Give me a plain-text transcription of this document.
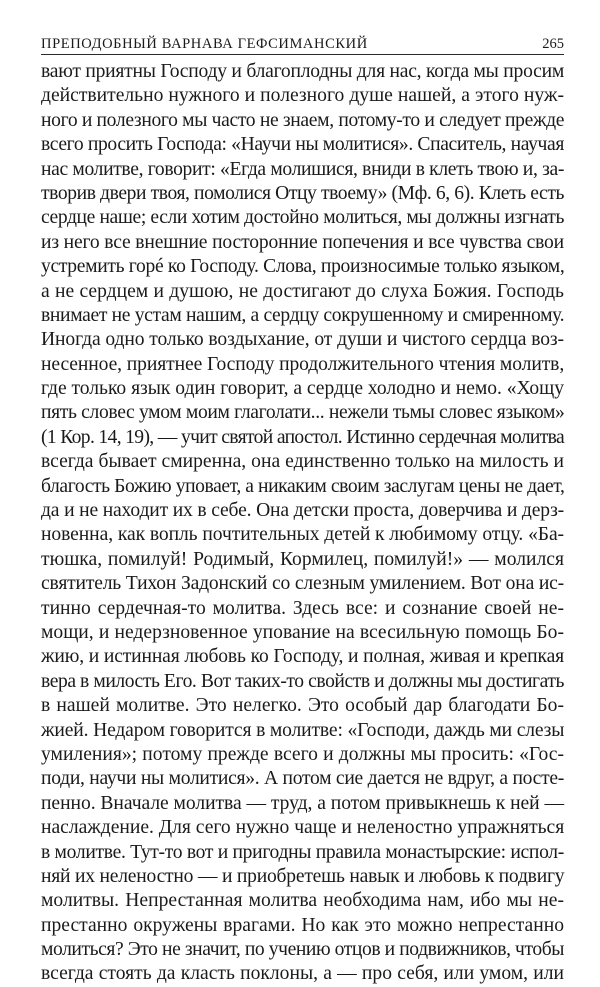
ПРЕПОДОБНЫЙ ВАРНАВА ГЕФСИМАНСКИЙ	265
вают приятны Господу и благоплодны для нас, когда мы просим
действительно нужного и полезного душе нашей, а этого нуж-
ного и полезного мы часто не знаем, потому-то и следует прежде
всего просить Господа: «Научи ны молитися». Спаситель, научая
нас молитве, говорит: «Егда молишися, вниди в клеть твою и, за-
творив двери твоя, помолися Отцу твоему» (Мф. 6, 6). Клеть есть
сердце наше; если хотим достойно молиться, мы должны изгнать
из него все внешние посторонние попечения и все чувства свои
устремить горé ко Господу. Слова, произносимые только языком,
а не сердцем и душою, не достигают до слуха Божия. Господь
внимает не устам нашим, а сердцу сокрушенному и смиренному.
Иногда одно только воздыхание, от души и чистого сердца воз-
несенное, приятнее Господу продолжительного чтения молитв,
где только язык один говорит, а сердце холодно и немо. «Хощу
пять словес умом моим глаголати... нежели тьмы словес языком»
(1 Кор. 14, 19), — учит святой апостол. Истинно сердечная молитва
всегда бывает смиренна, она единственно только на милость и
благость Божию уповает, а никаким своим заслугам цены не дает,
да и не находит их в себе. Она детски проста, доверчива и дерз-
новенна, как вопль почтительных детей к любимому отцу. «Ба-
тюшка, помилуй! Родимый, Кормилец, помилуй!» — молился
святитель Тихон Задонский со слезным умилением. Вот она ис-
тинно сердечная-то молитва. Здесь все: и сознание своей не-
мощи, и недерзновенное упование на всесильную помощь Бо-
жию, и истинная любовь ко Господу, и полная, живая и крепкая
вера в милость Его. Вот таких-то свойств и должны мы достигать
в нашей молитве. Это нелегко. Это особый дар благодати Бо-
жией. Недаром говорится в молитве: «Господи, даждь ми слезы
умиления»; потому прежде всего и должны мы просить: «Гос-
поди, научи ны молитися». А потом сие дается не вдруг, а посте-
пенно. Вначале молитва — труд, а потом привыкнешь к ней —
наслаждение. Для сего нужно чаще и неленостно упражняться
в молитве. Тут-то вот и пригодны правила монастырские: испол-
няй их неленостно — и приобретешь навык и любовь к подвигу
молитвы. Непрестанная молитва необходима нам, ибо мы не-
престанно окружены врагами. Но как это можно непрестанно
молиться? Это не значит, по учению отцов и подвижников, чтобы
всегда стоять да класть поклоны, а — про себя, или умом, или
